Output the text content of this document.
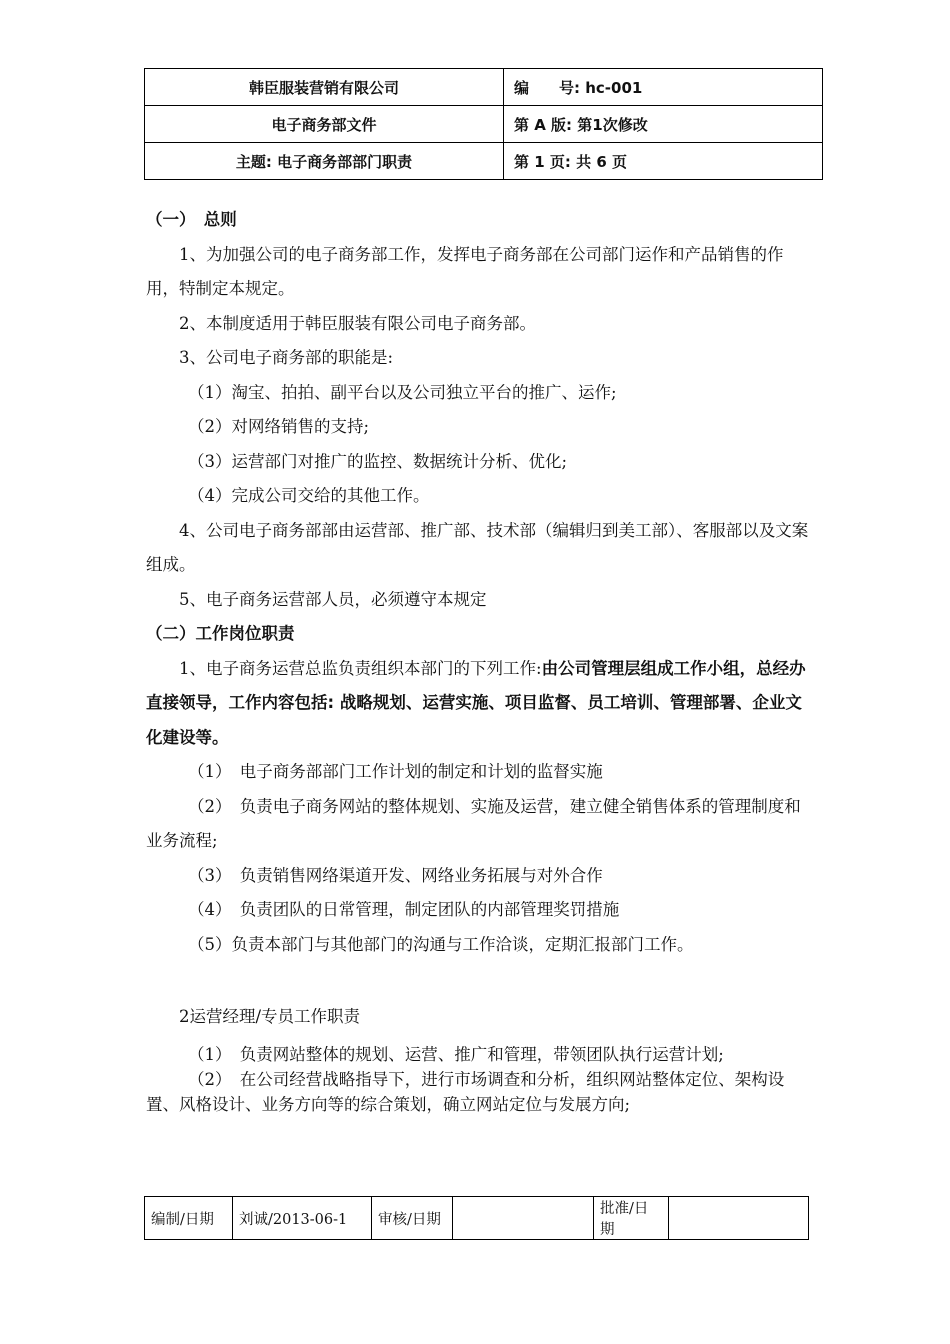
韩臣服装营销有限公司	编　　号: hc-001
电子商务部文件	第 A 版: 第1次修改
主题: 电子商务部部门职责	第 1 页: 共 6 页

（一）　总则

1、为加强公司的电子商务部工作，发挥电子商务部在公司部门运作和产品销售的作用，特制定本规定。

2、本制度适用于韩臣服装有限公司电子商务部。

3、公司电子商务部的职能是:

（1）淘宝、拍拍、副平台以及公司独立平台的推广、运作;

（2）对网络销售的支持;

（3）运营部门对推广的监控、数据统计分析、优化;

（4）完成公司交给的其他工作。

4、公司电子商务部部由运营部、推广部、技术部（编辑归到美工部）、客服部以及文案组成。

5、电子商务运营部人员，必须遵守本规定

（二）工作岗位职责

1、电子商务运营总监负责组织本部门的下列工作:由公司管理层组成工作小组，总经办直接领导，工作内容包括: 战略规划、运营实施、项目监督、员工培训、管理部署、企业文化建设等。

（1）　电子商务部部门工作计划的制定和计划的监督实施

（2）　负责电子商务网站的整体规划、实施及运营，建立健全销售体系的管理制度和业务流程;

（3）　负责销售网络渠道开发、网络业务拓展与对外合作

（4）　负责团队的日常管理，制定团队的内部管理奖罚措施

（5）负责本部门与其他部门的沟通与工作洽谈，定期汇报部门工作。

2运营经理/专员工作职责

（1）　负责网站整体的规划、运营、推广和管理，带领团队执行运营计划;

（2）　在公司经营战略指导下，进行市场调查和分析，组织网站整体定位、架构设置、风格设计、业务方向等的综合策划，确立网站定位与发展方向;

编制/日期	刘诚/2013-06-1	审核/日期		批准/日期	
